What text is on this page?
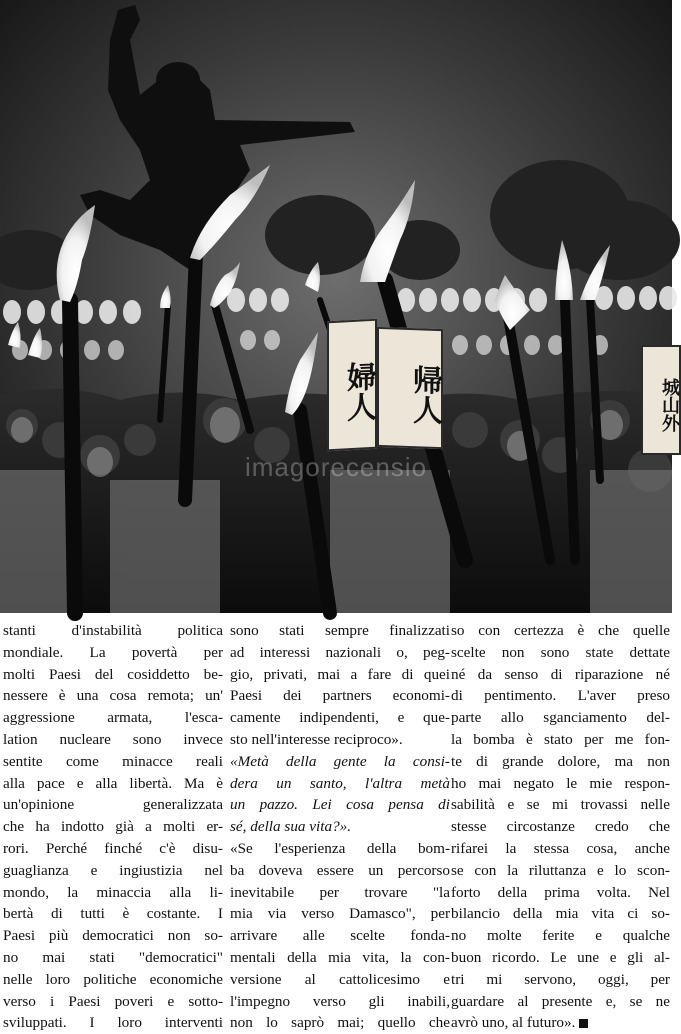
婦人	帰人	城山外
imagorecensio
stanti d'instabilità politica
mondiale. La povertà per
molti Paesi del cosiddetto be-
nessere è una cosa remota; un'
aggressione armata, l'esca-
lation nucleare sono invece
sentite come minacce reali
alla pace e alla libertà. Ma è
un'opinione generalizzata
che ha indotto già a molti er-
rori. Perché finché c'è disu-
guaglianza e ingiustizia nel
mondo, la minaccia alla li-
bertà di tutti è costante. I
Paesi più democratici non so-
no mai stati "democratici"
nelle loro politiche economiche
verso i Paesi poveri e sotto-
sviluppati. I loro interventi
sono stati sempre finalizzati
ad interessi nazionali o, peg-
gio, privati, mai a fare di quei
Paesi dei partners economi-
camente indipendenti, e que-
sto nell'interesse reciproco».
«Metà della gente la consi-
dera un santo, l'altra metà
un pazzo. Lei cosa pensa di
sé, della sua vita?».
«Se l'esperienza della bom-
ba doveva essere un percorso
inevitabile per trovare "la
mia via verso Damasco", per
arrivare alle scelte fonda-
mentali della mia vita, la con-
versione al cattolicesimo e
l'impegno verso gli inabili,
non lo saprò mai; quello che
so con certezza è che quelle
scelte non sono state dettate
né da senso di riparazione né
di pentimento. L'aver preso
parte allo sganciamento del-
la bomba è stato per me fon-
te di grande dolore, ma non
ho mai negato le mie respon-
sabilità e se mi trovassi nelle
stesse circostanze credo che
rifarei la stessa cosa, anche
se con la riluttanza e lo scon-
forto della prima volta. Nel
bilancio della mia vita ci so-
no molte ferite e qualche
buon ricordo. Le une e gli al-
tri mi servono, oggi, per
guardare al presente e, se ne
avrò uno, al futuro».
